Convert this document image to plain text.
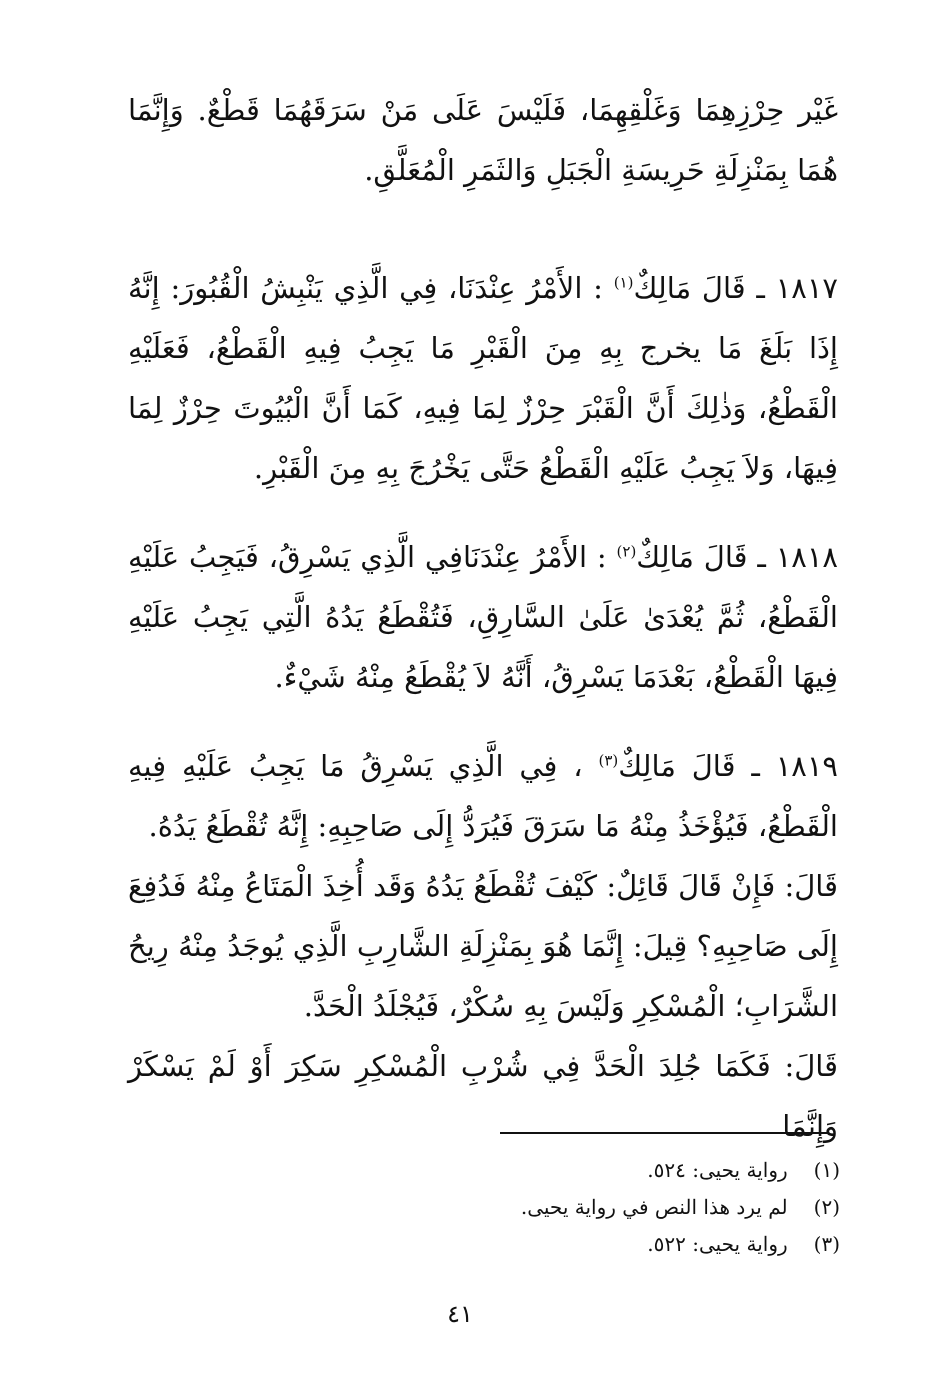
غَيْر حِرْزِهِمَا وَغَلْقِهِمَا، فَلَيْسَ عَلَى مَنْ سَرَقَهُمَا قَطْعٌ. وَإِنَّمَا هُمَا بِمَنْزِلَةِ حَرِيسَةِ الْجَبَلِ وَالثَمَرِ الْمُعَلَّقِ.
١٨١٧ ـ قَالَ مَالِكٌ$^{(١)}$ : الأَمْرُ عِنْدَنَا، فِي الَّذِي يَنْبِشُ الْقُبُورَ: إِنَّهُ إِذَا بَلَغَ مَا يخرج بِهِ مِنَ الْقَبْرِ مَا يَجِبُ فِيهِ الْقَطْعُ، فَعَلَيْهِ الْقَطْعُ، وَذٰلِكَ أَنَّ الْقَبْرَ حِرْزٌ لِمَا فِيهِ، كَمَا أَنَّ الْبُيُوتَ حِرْزٌ لِمَا فِيهَا، وَلاَ يَجِبُ عَلَيْهِ الْقَطْعُ حَتَّى يَخْرُجَ بِهِ مِنَ الْقَبْرِ.
١٨١٨ ـ قَالَ مَالِكٌ$^{(٢)}$ : الأَمْرُ عِنْدَنَافِي الَّذِي يَسْرِقُ، فَيَجِبُ عَلَيْهِ الْقَطْعُ، ثُمَّ يُعْدَىٰ عَلَىٰ السَّارِقِ، فَتُقْطَعُ يَدُهُ الَّتِي يَجِبُ عَلَيْهِ فِيهَا الْقَطْعُ، بَعْدَمَا يَسْرِقُ، أَنَّهُ لاَ يُقْطَعُ مِنْهُ شَيْءٌ.
١٨١٩ ـ قَالَ مَالِكٌ$^{(٣)}$ ، فِي الَّذِي يَسْرِقُ مَا يَجِبُ عَلَيْهِ فِيهِ الْقَطْعُ، فَيُؤْخَذُ مِنْهُ مَا سَرَقَ فَيُرَدُّ إِلَى صَاحِبِهِ: إِنَّهُ تُقْطَعُ يَدُهُ.
قَالَ: فَإِنْ قَالَ قَائِلٌ: كَيْفَ تُقْطَعُ يَدُهُ وَقَد أُخِذَ الْمَتَاعُ مِنْهُ فَدُفِعَ إِلَى صَاحِبِهِ؟ قِيلَ: إِنَّمَا هُوَ بِمَنْزِلَةِ الشَّارِبِ الَّذِي يُوجَدُ مِنْهُ رِيحُ الشَّرَابِ؛ الْمُسْكِرِ وَلَيْسَ بِهِ سُكْرٌ، فَيُجْلَدُ الْحَدَّ.
قَالَ: فَكَمَا جُلِدَ الْحَدَّ فِي شُرْبِ الْمُسْكِرِ سَكِرَ أَوْ لَمْ يَسْكَرْ وَإِنَّمَا
(١) رواية يحيى: ٥٢٤.
(٢) لم يرد هذا النص في رواية يحيى.
(٣) رواية يحيى: ٥٢٢.
٤١
